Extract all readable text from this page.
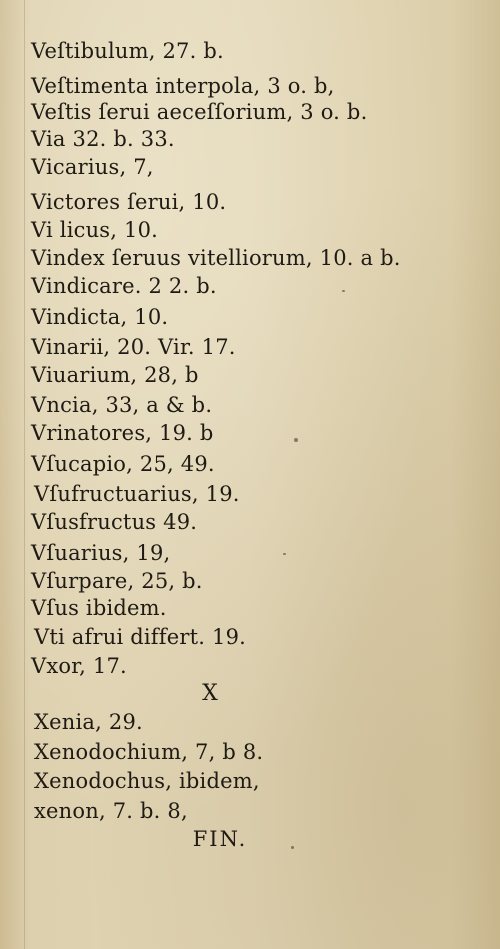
Veſtibulum, 27. b.
Veſtimenta interpola, 3 o. b,
Veſtis ſerui aeceſſorium, 3 o. b.
Via 32. b. 33.
Vicarius, 7,
Victores ſerui, 10.
Vi licus, 10.
Vindex ſeruus vitelliorum, 10. a b.
Vindicare. 2 2. b.
Vindicta, 10.
Vinarii, 20. Vir. 17.
Viuarium, 28, b
Vncia, 33, a & b.
Vrinatores, 19. b
Vſucapio, 25, 49.
Vſufructuarius, 19.
Vſusfructus 49.
Vſuarius, 19,
Vſurpare, 25, b.
Vſus ibidem.
Vti afrui differt. 19.
Vxor, 17.
X
Xenia, 29.
Xenodochium, 7, b 8.
Xenodochus, ibidem,
xenon, 7. b. 8,
FIN.
